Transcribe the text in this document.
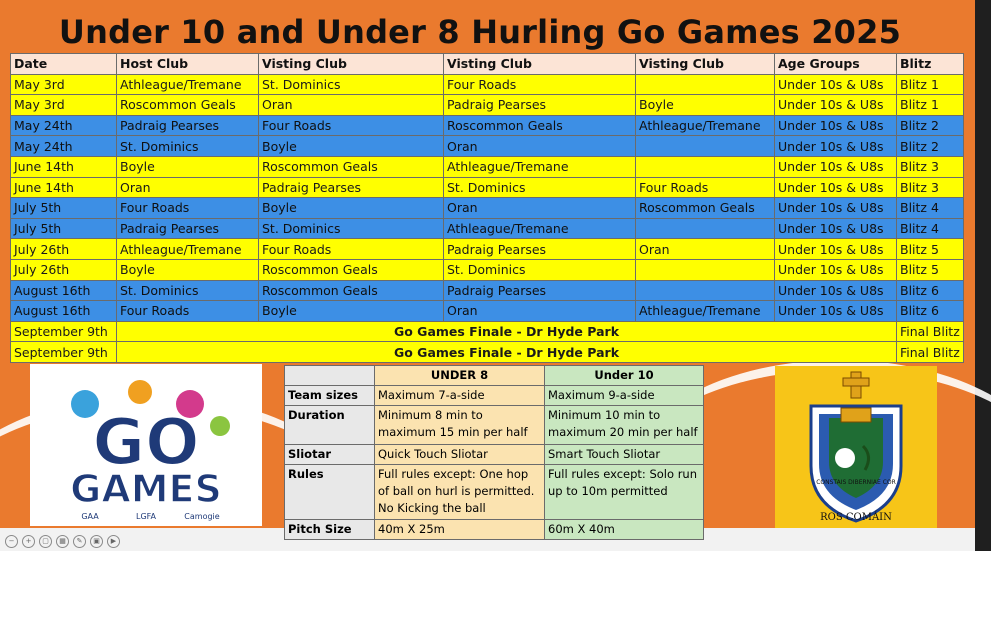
Under 10 and Under 8 Hurling Go Games 2025
Date	Host Club	Visting Club	Visting Club	Visting Club	Age Groups	Blitz
May 3rd	Athleague/Tremane	St. Dominics	Four Roads		Under 10s & U8s	Blitz 1
May 3rd	Roscommon Geals	Oran	Padraig Pearses	Boyle	Under 10s & U8s	Blitz 1
May 24th	Padraig Pearses	Four Roads	Roscommon Geals	Athleague/Tremane	Under 10s & U8s	Blitz 2
May 24th	St. Dominics	Boyle	Oran		Under 10s & U8s	Blitz 2
June 14th	Boyle	Roscommon Geals	Athleague/Tremane		Under 10s & U8s	Blitz 3
June 14th	Oran	Padraig Pearses	St. Dominics	Four Roads	Under 10s & U8s	Blitz 3
July 5th	Four Roads	Boyle	Oran	Roscommon Geals	Under 10s & U8s	Blitz 4
July 5th	Padraig Pearses	St. Dominics	Athleague/Tremane		Under 10s & U8s	Blitz 4
July 26th	Athleague/Tremane	Four Roads	Padraig Pearses	Oran	Under 10s & U8s	Blitz 5
July 26th	Boyle	Roscommon Geals	St. Dominics		Under 10s & U8s	Blitz 5
August 16th	St. Dominics	Roscommon Geals	Padraig Pearses		Under 10s & U8s	Blitz 6
August 16th	Four Roads	Boyle	Oran	Athleague/Tremane	Under 10s & U8s	Blitz 6
September 9th	Go Games Finale - Dr Hyde Park					Final Blitz
September 9th	Go Games Finale - Dr Hyde Park					Final Blitz
GO
GAMES
GAA	LGFA	Camogie
	UNDER 8	Under 10
Team sizes	Maximum 7-a-side	Maximum 9-a-side
Duration	Minimum 8 min to maximum 15 min per half	Minimum 10 min to maximum 20 min per half
Sliotar	Quick Touch Sliotar	Smart Touch Sliotar
Rules	Full rules except: One hop of ball on hurl is permitted. No Kicking the ball	Full rules except: Solo run up to 10m permitted
Pitch Size	40m X 25m	60m X 40m
CONSTAIS DIBERNIAE COR
ROS COMÁIN
−	+	▢	▦	✎	▣	▶
